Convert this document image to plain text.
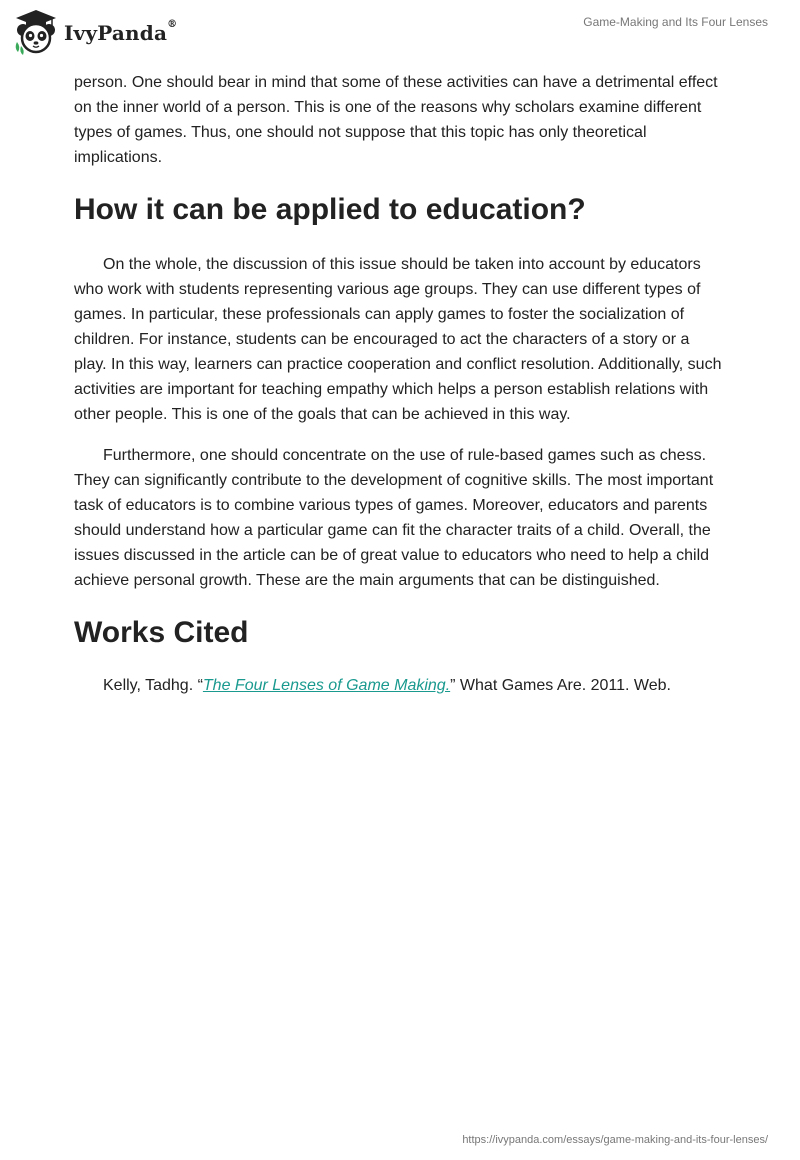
IvyPanda®	Game-Making and Its Four Lenses

person. One should bear in mind that some of these activities can have a detrimental effect on the inner world of a person. This is one of the reasons why scholars examine different types of games. Thus, one should not suppose that this topic has only theoretical implications.

How it can be applied to education?

On the whole, the discussion of this issue should be taken into account by educators who work with students representing various age groups. They can use different types of games. In particular, these professionals can apply games to foster the socialization of children. For instance, students can be encouraged to act the characters of a story or a play. In this way, learners can practice cooperation and conflict resolution. Additionally, such activities are important for teaching empathy which helps a person establish relations with other people. This is one of the goals that can be achieved in this way.

Furthermore, one should concentrate on the use of rule-based games such as chess. They can significantly contribute to the development of cognitive skills. The most important task of educators is to combine various types of games. Moreover, educators and parents should understand how a particular game can fit the character traits of a child. Overall, the issues discussed in the article can be of great value to educators who need to help a child achieve personal growth. These are the main arguments that can be distinguished.

Works Cited

Kelly, Tadhg. “The Four Lenses of Game Making.” What Games Are. 2011. Web.

https://ivypanda.com/essays/game-making-and-its-four-lenses/
